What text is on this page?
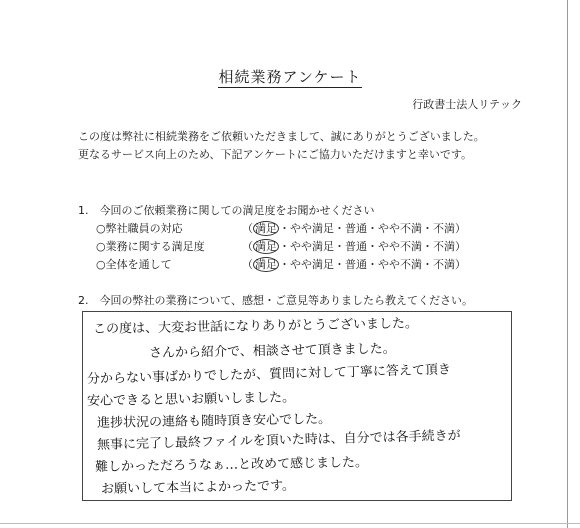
相続業務アンケート
行政書士法人リテック
この度は弊社に相続業務をご依頼いただきまして、誠にありがとうございました。
更なるサービス向上のため、下記アンケートにご協力いただけますと幸いです。
1.　今回のご依頼業務に関しての満足度をお聞かせください
○弊社職員の対応	（ 満足 ・やや満足・普通・やや不満・不満）
○業務に関する満足度	（ 満足 ・やや満足・普通・やや不満・不満）
○全体を通して	（ 満足 ・やや満足・普通・やや不満・不満）
2.　今回の弊社の業務について、感想・ご意見等ありましたら教えてください。
この度は、大変お世話になりありがとうございました。
さんから紹介で、相談させて頂きました。
分からない事ばかりでしたが、質問に対して丁寧に答えて頂き
安心できると思いお願いしました。
進捗状況の連絡も随時頂き安心でした。
無事に完了し最終ファイルを頂いた時は、自分では各手続きが
難しかっただろうなぁ…と改めて感じました。
お願いして本当によかったです。
